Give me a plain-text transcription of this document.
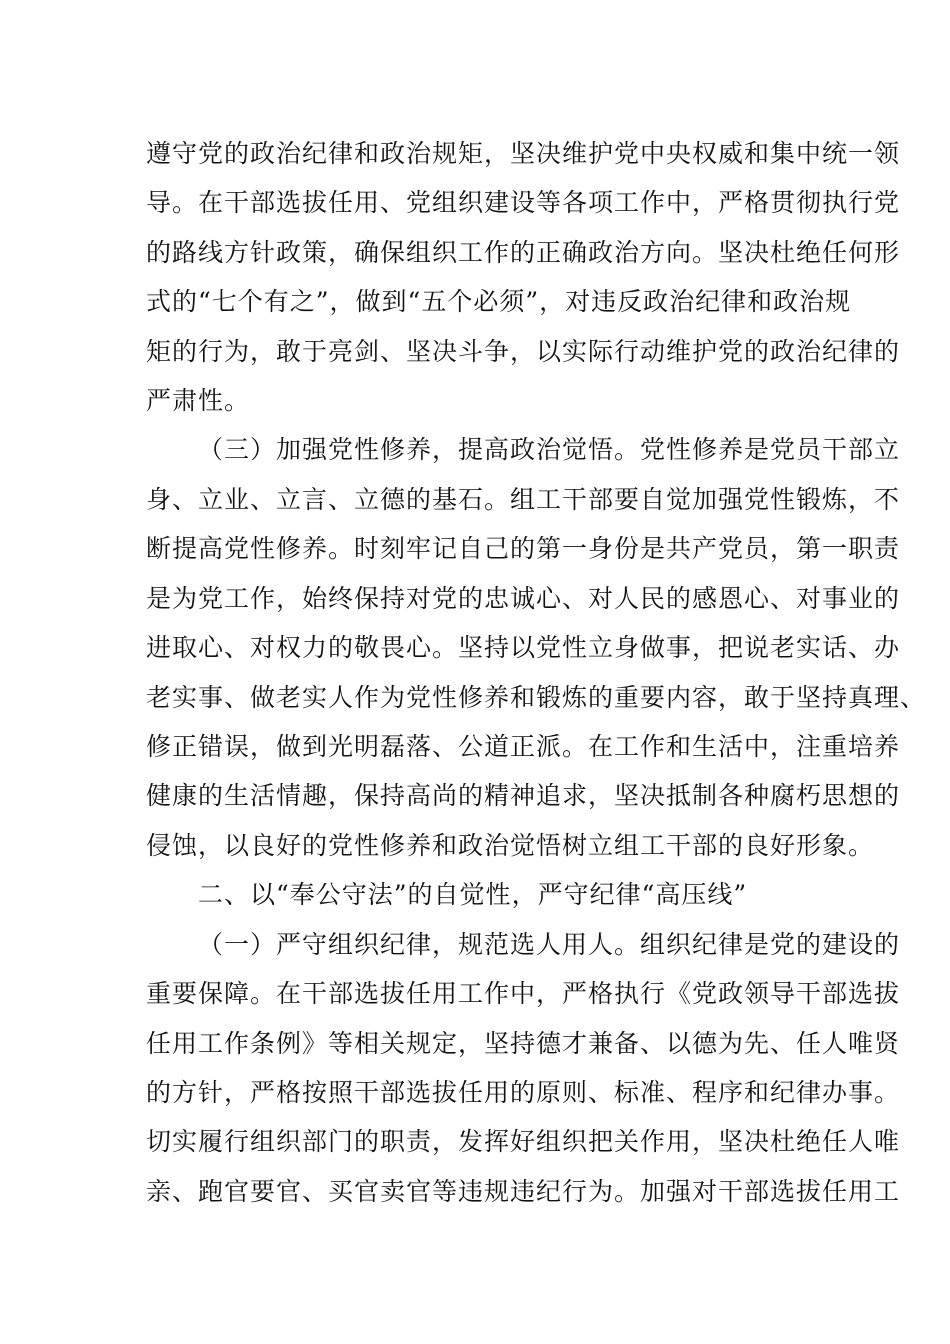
遵守党的政治纪律和政治规矩，坚决维护党中央权威和集中统一领
导。在干部选拔任用、党组织建设等各项工作中，严格贯彻执行党
的路线方针政策，确保组织工作的正确政治方向。坚决杜绝任何形
式的“七个有之”，做到“五个必须”，对违反政治纪律和政治规
矩的行为，敢于亮剑、坚决斗争，以实际行动维护党的政治纪律的
严肃性。
（三）加强党性修养，提高政治觉悟。党性修养是党员干部立
身、立业、立言、立德的基石。组工干部要自觉加强党性锻炼，不
断提高党性修养。时刻牢记自己的第一身份是共产党员，第一职责
是为党工作，始终保持对党的忠诚心、对人民的感恩心、对事业的
进取心、对权力的敬畏心。坚持以党性立身做事，把说老实话、办
老实事、做老实人作为党性修养和锻炼的重要内容，敢于坚持真理、
修正错误，做到光明磊落、公道正派。在工作和生活中，注重培养
健康的生活情趣，保持高尚的精神追求，坚决抵制各种腐朽思想的
侵蚀，以良好的党性修养和政治觉悟树立组工干部的良好形象。
二、以“奉公守法”的自觉性，严守纪律“高压线”
（一）严守组织纪律，规范选人用人。组织纪律是党的建设的
重要保障。在干部选拔任用工作中，严格执行《党政领导干部选拔
任用工作条例》等相关规定，坚持德才兼备、以德为先、任人唯贤
的方针，严格按照干部选拔任用的原则、标准、程序和纪律办事。
切实履行组织部门的职责，发挥好组织把关作用，坚决杜绝任人唯
亲、跑官要官、买官卖官等违规违纪行为。加强对干部选拔任用工
